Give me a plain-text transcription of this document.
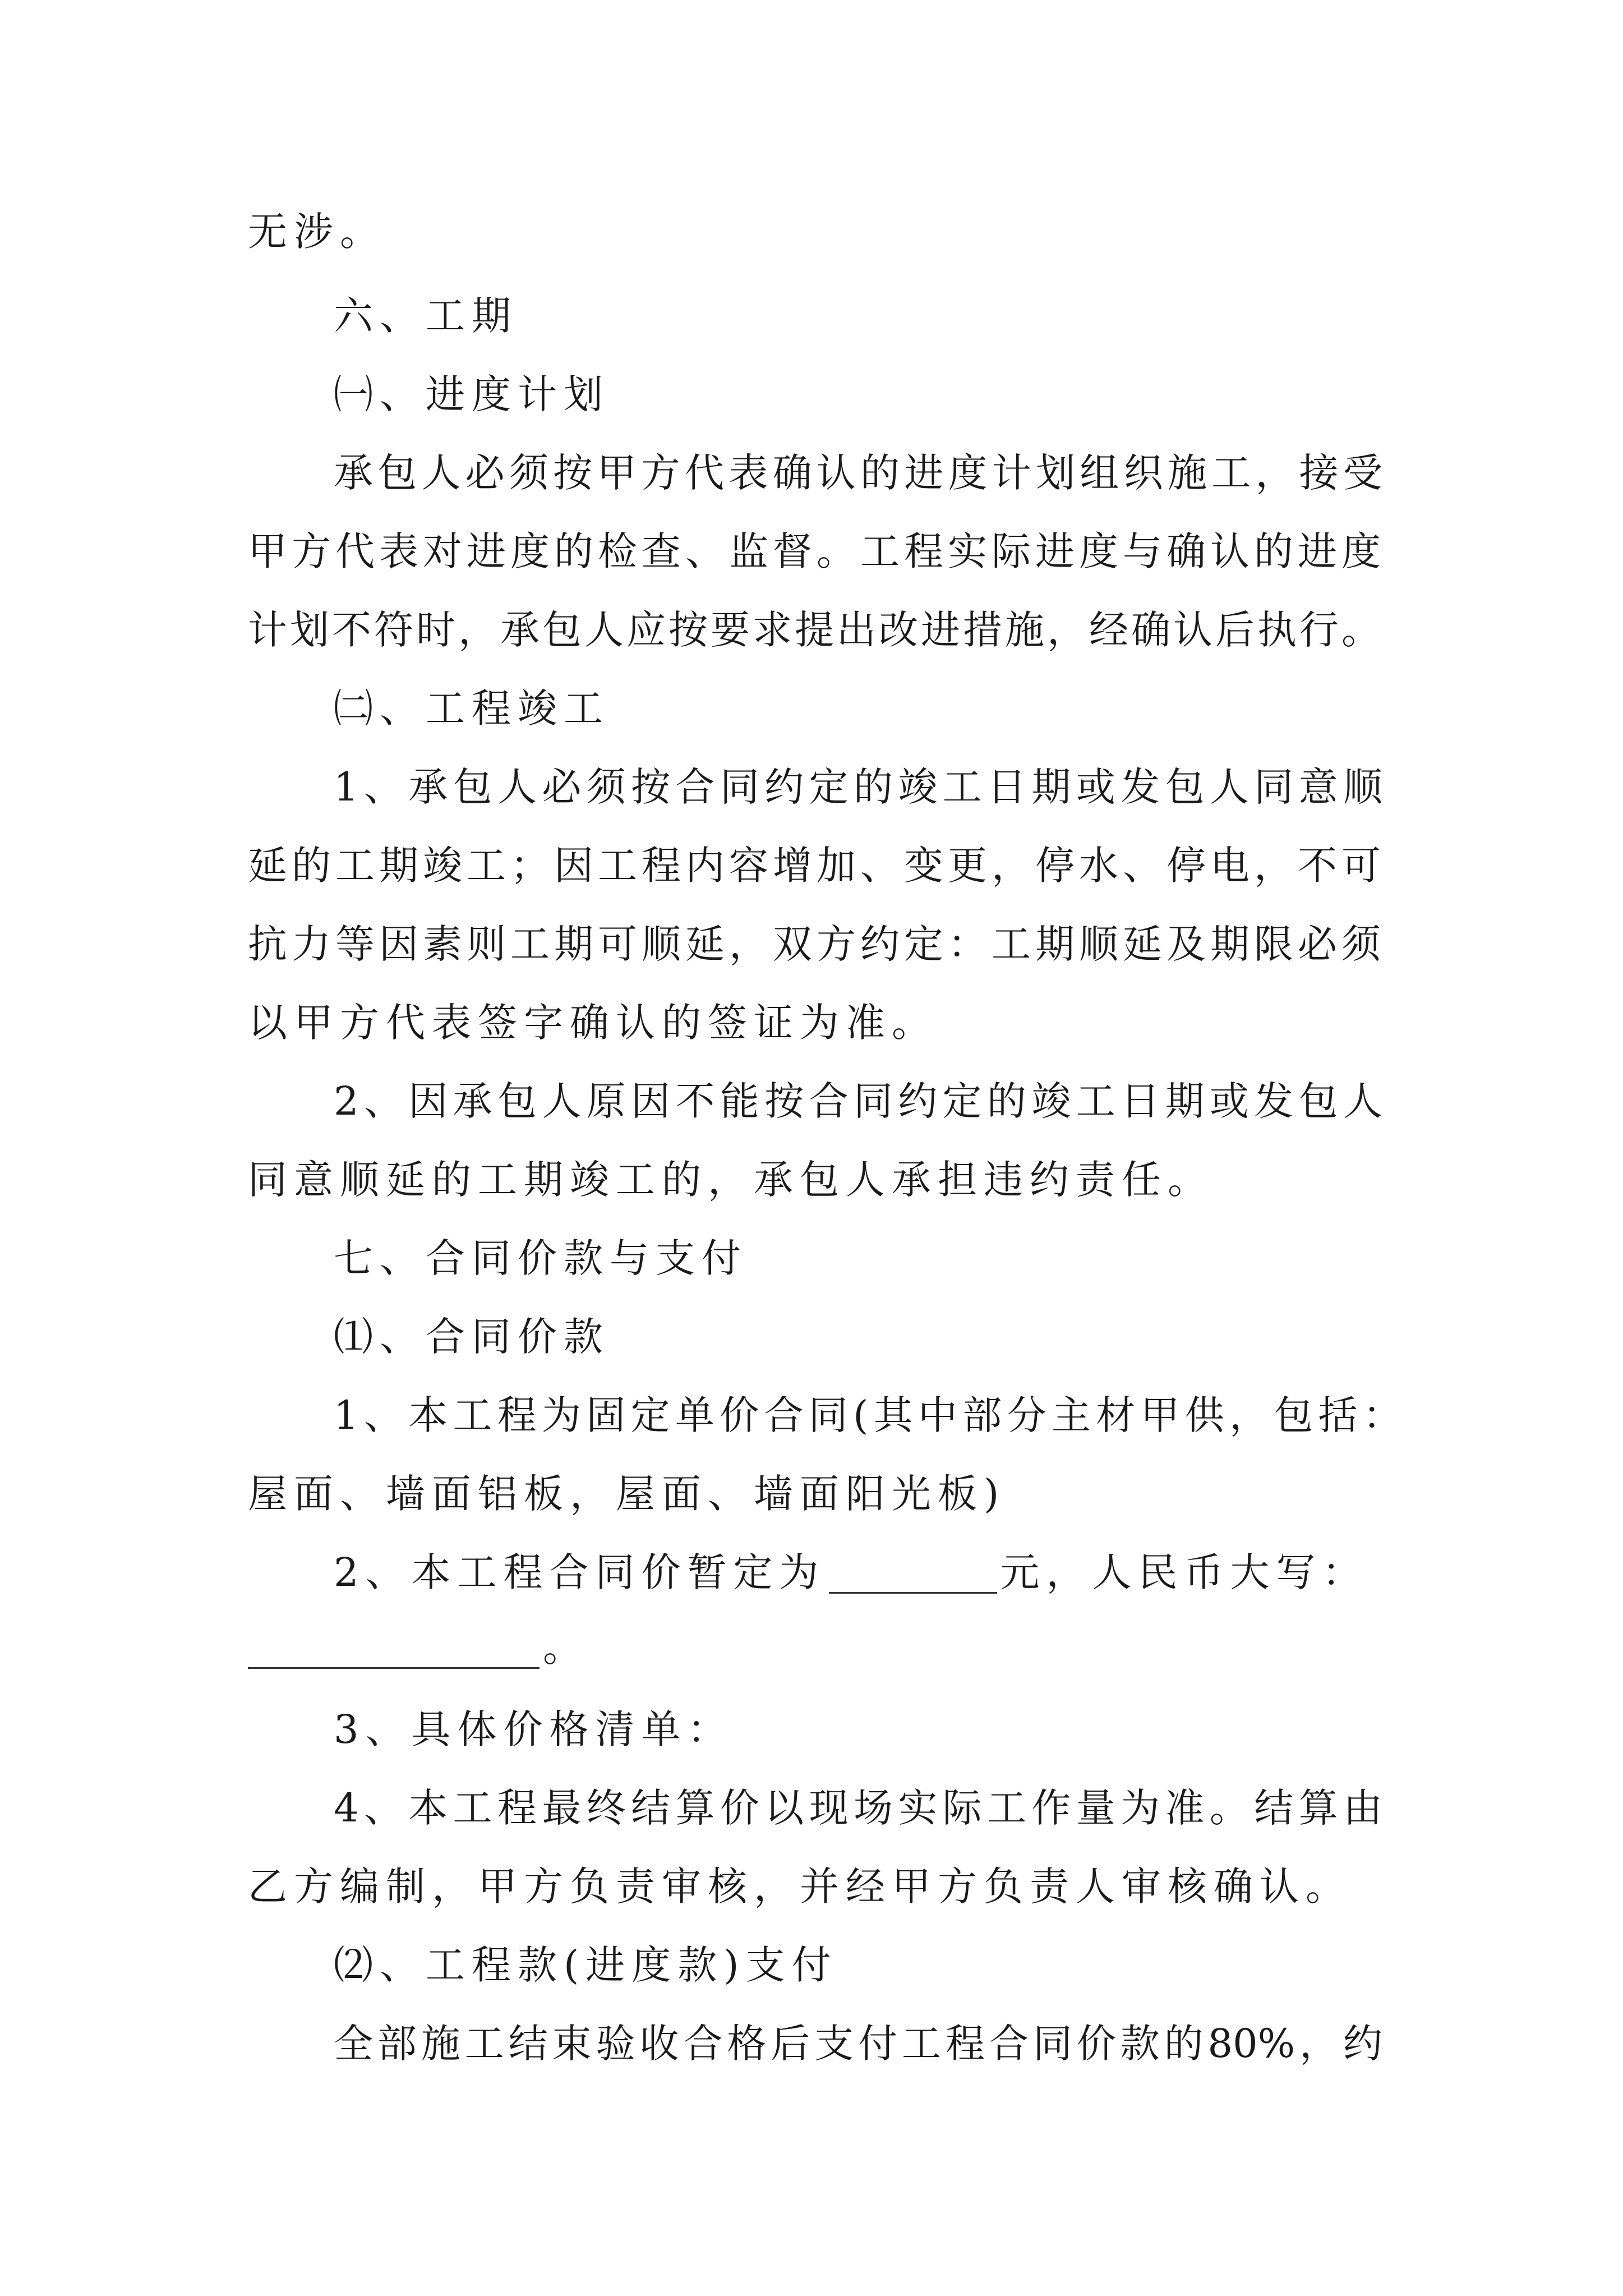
无涉。
六、工期
㈠、进度计划
承包人必须按甲方代表确认的进度计划组织施工，接受
甲方代表对进度的检查、监督。工程实际进度与确认的进度
计划不符时，承包人应按要求提出改进措施，经确认后执行。
㈡、工程竣工
1、承包人必须按合同约定的竣工日期或发包人同意顺
延的工期竣工；因工程内容增加、变更，停水、停电，不可
抗力等因素则工期可顺延，双方约定：工期顺延及期限必须
以甲方代表签字确认的签证为准。
2、因承包人原因不能按合同约定的竣工日期或发包人
同意顺延的工期竣工的，承包人承担违约责任。
七、合同价款与支付
⑴、合同价款
1、本工程为固定单价合同(其中部分主材甲供，包括：
屋面、墙面铝板，屋面、墙面阳光板)
2、本工程合同价暂定为	元，人民币大写：
。
3、具体价格清单：
4、本工程最终结算价以现场实际工作量为准。结算由
乙方编制，甲方负责审核，并经甲方负责人审核确认。
⑵、工程款(进度款)支付
全部施工结束验收合格后支付工程合同价款的80%，约
